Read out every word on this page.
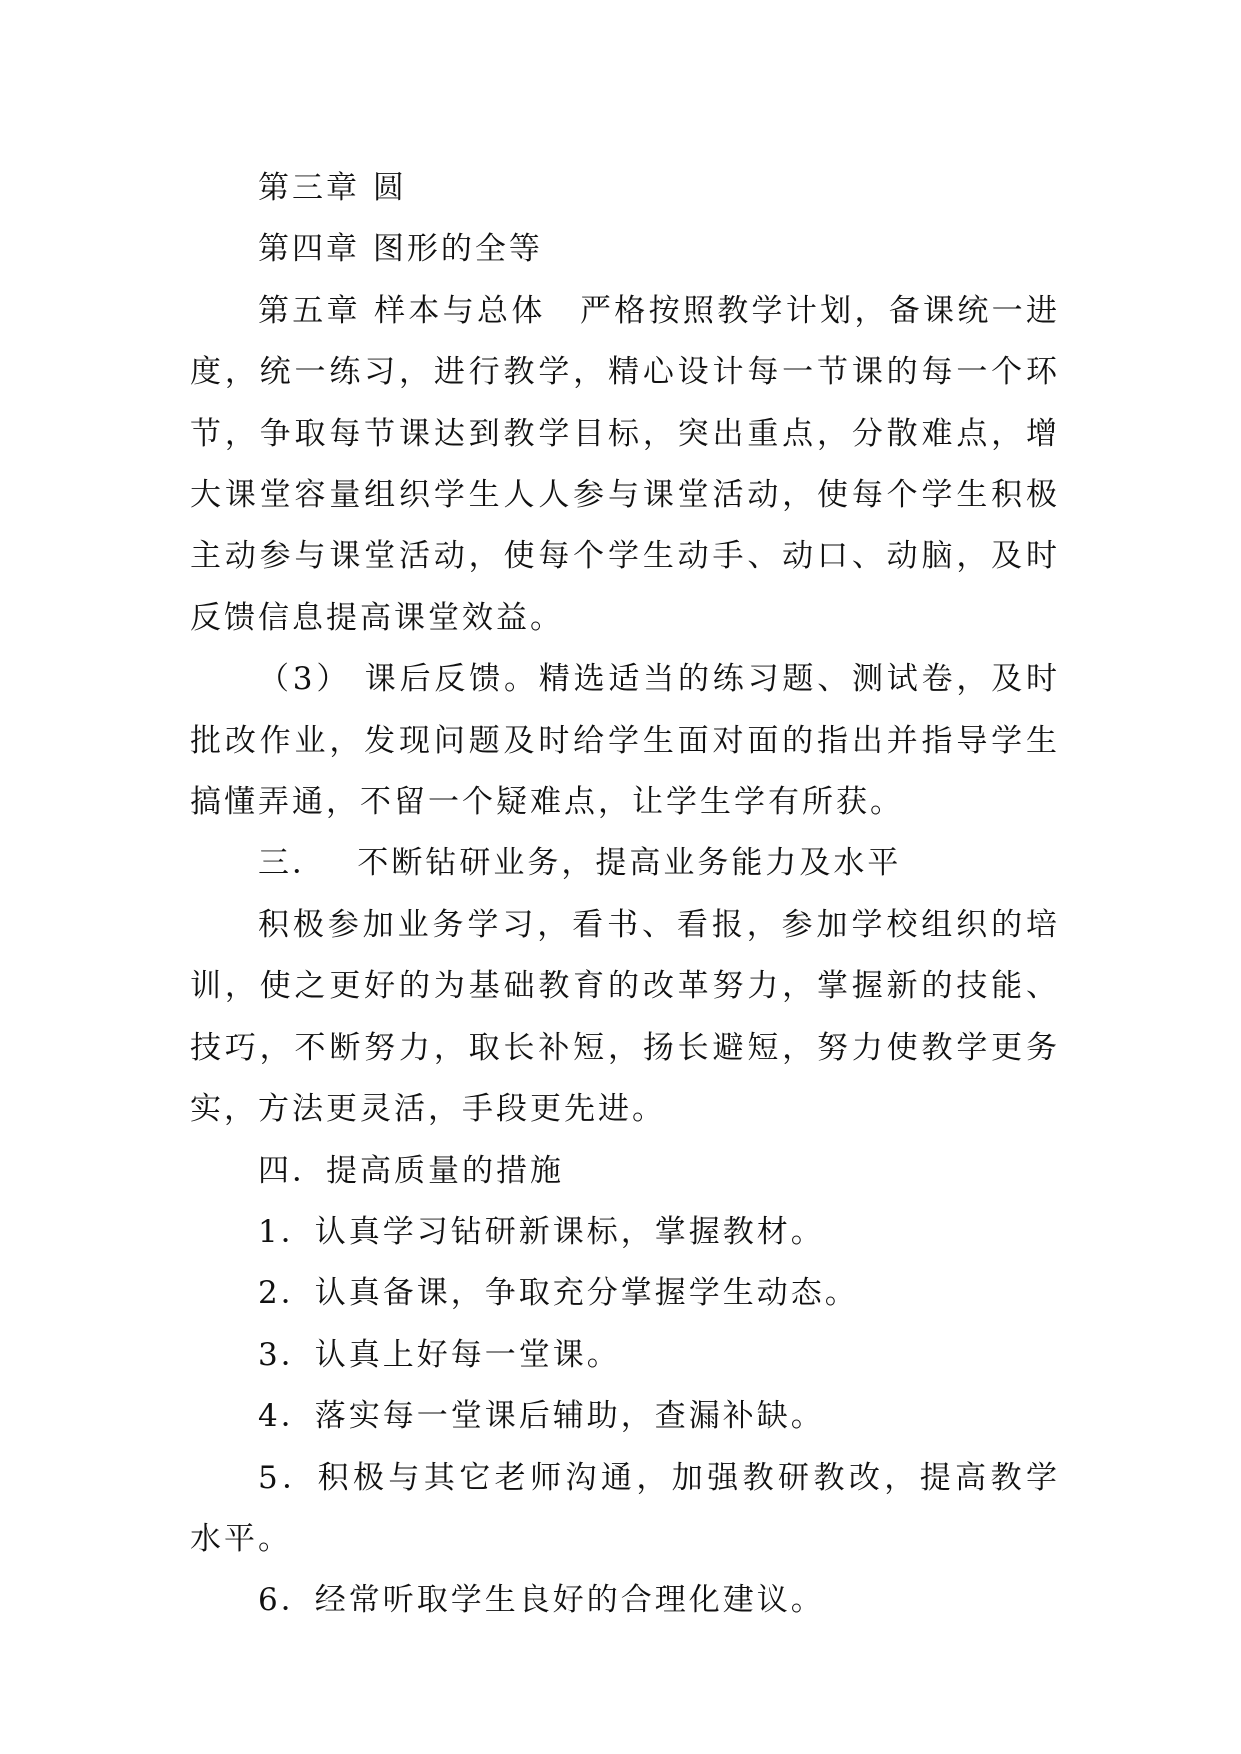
第三章 圆

第四章 图形的全等

第五章 样本与总体　严格按照教学计划，备课统一进度，统一练习，进行教学，精心设计每一节课的每一个环节，争取每节课达到教学目标，突出重点，分散难点，增大课堂容量组织学生人人参与课堂活动，使每个学生积极主动参与课堂活动，使每个学生动手、动口、动脑，及时反馈信息提高课堂效益。

（3） 课后反馈。精选适当的练习题、测试卷，及时批改作业，发现问题及时给学生面对面的指出并指导学生搞懂弄通，不留一个疑难点，让学生学有所获。

三．　 不断钻研业务，提高业务能力及水平

积极参加业务学习，看书、看报，参加学校组织的培训，使之更好的为基础教育的改革努力，掌握新的技能、技巧，不断努力，取长补短，扬长避短，努力使教学更务实，方法更灵活，手段更先进。

四．提高质量的措施

1．认真学习钻研新课标，掌握教材。

2．认真备课，争取充分掌握学生动态。

3．认真上好每一堂课。

4．落实每一堂课后辅助，查漏补缺。

5．积极与其它老师沟通，加强教研教改，提高教学水平。

6．经常听取学生良好的合理化建议。
